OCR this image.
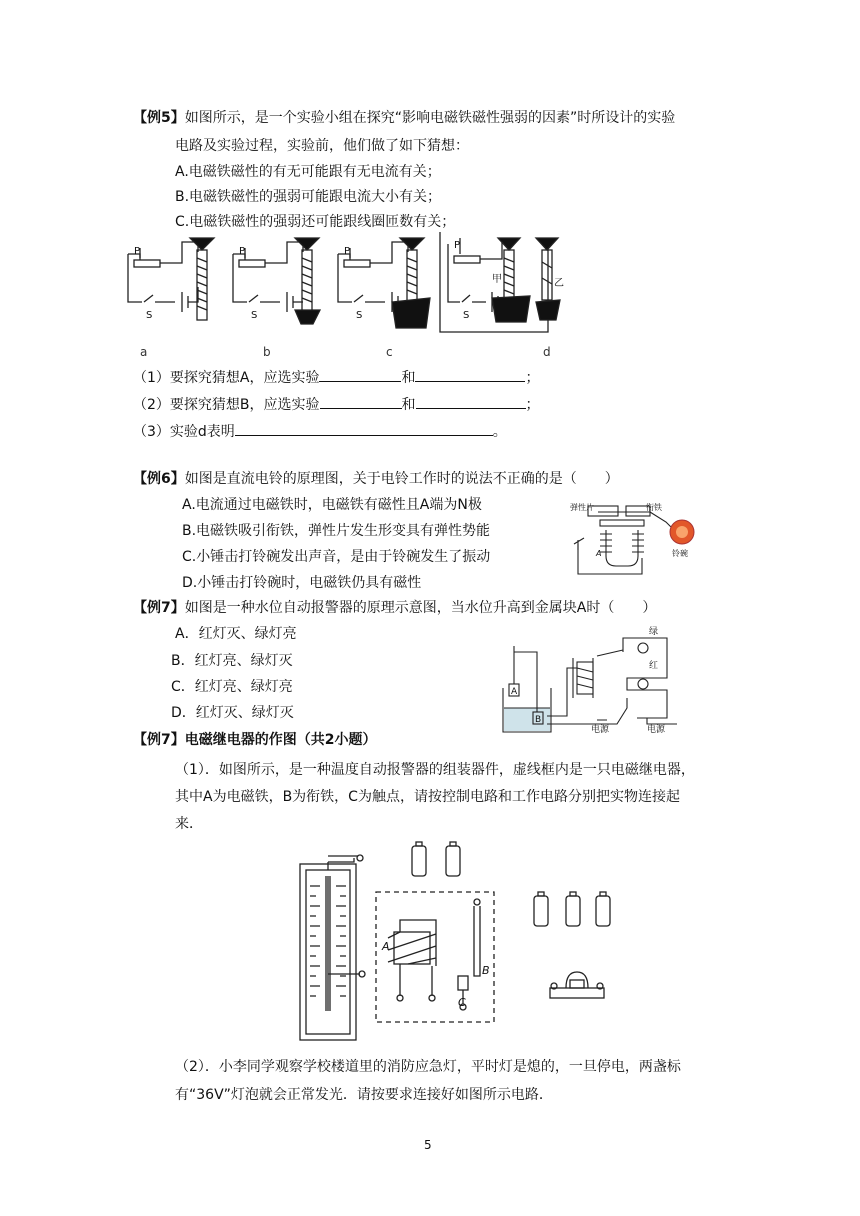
【例5】如图所示，是一个实验小组在探究“影响电磁铁磁性强弱的因素”时所设计的实验
电路及实验过程，实验前，他们做了如下猜想：
A.电磁铁磁性的有无可能跟有无电流有关；
B.电磁铁磁性的强弱可能跟电流大小有关；
C.电磁铁磁性的强弱还可能跟线圈匝数有关；
P	P	P
P
S	S	S	S
甲	乙
a	b	c	d
（1）要探究猜想A，应选实验	和	；
（2）要探究猜想B，应选实验	和	；
（3）实验d表明	。
【例6】如图是直流电铃的原理图，关于电铃工作时的说法不正确的是（　　）
A.电流通过电磁铁时，电磁铁有磁性且A端为N极
B.电磁铁吸引衔铁，弹性片发生形变具有弹性势能
C.小锤击打铃碗发出声音，是由于铃碗发生了振动
D.小锤击打铃碗时，电磁铁仍具有磁性
弹性片	衔铁
铃碗
A
【例7】如图是一种水位自动报警器的原理示意图，当水位升高到金属块A时（　　）
A．红灯灭、绿灯亮
B．红灯亮、绿灯灭
C．红灯亮、绿灯亮
D．红灯灭、绿灯灭
A
B
绿
红
电源	电源
【例7】电磁继电器的作图（共2小题）
（1）．如图所示，是一种温度自动报警器的组装器件，虚线框内是一只电磁继电器，
其中A为电磁铁，B为衔铁，C为触点，请按控制电路和工作电路分别把实物连接起
来．
A
B
C
（2）．小李同学观察学校楼道里的消防应急灯，平时灯是熄的，一旦停电，两盏标
有“36V”灯泡就会正常发光．请按要求连接好如图所示电路．
5
